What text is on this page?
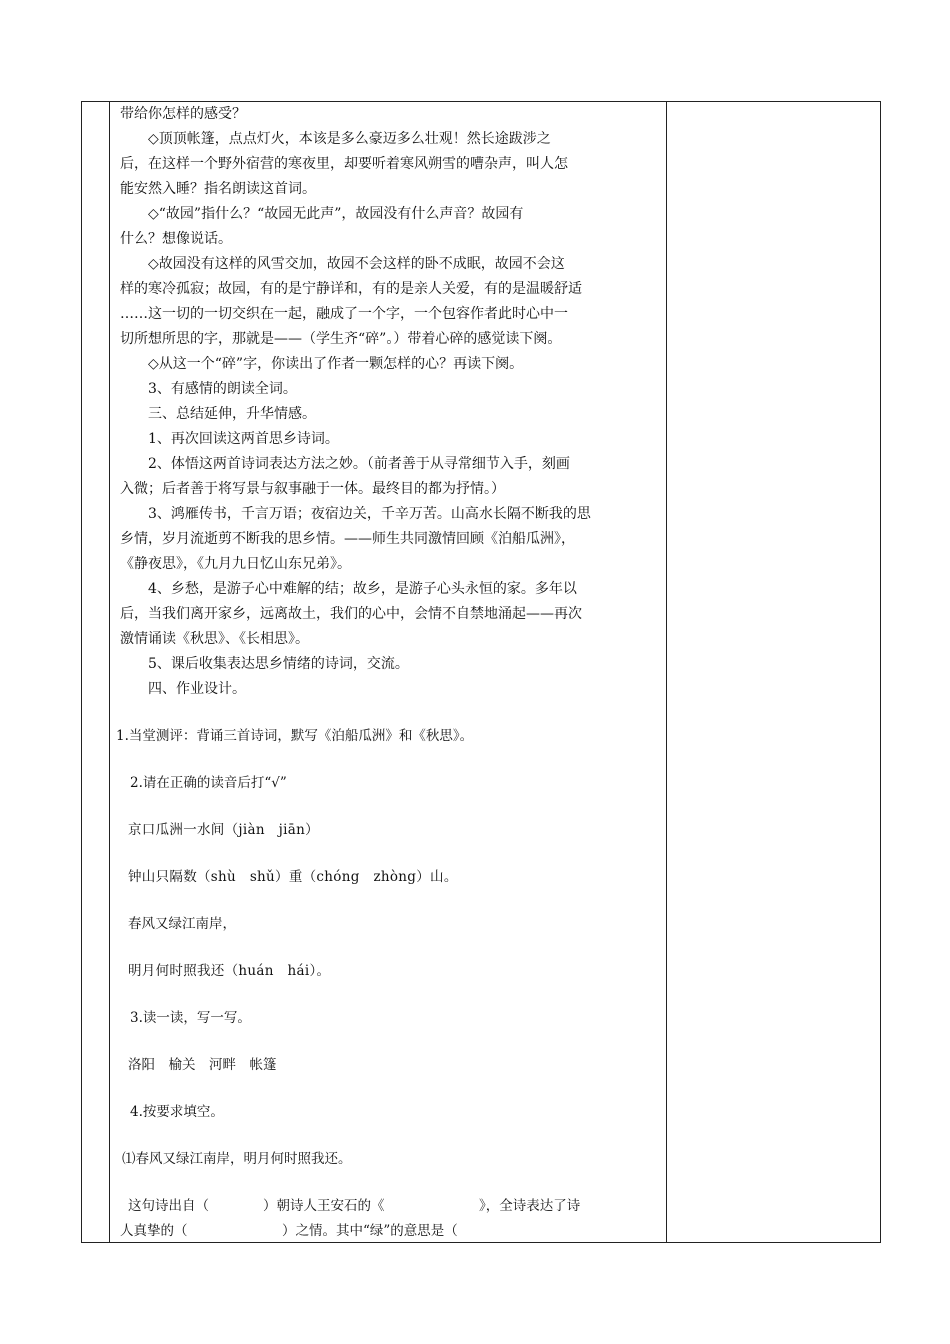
带给你怎样的感受？

◇顶顶帐篷，点点灯火，本该是多么豪迈多么壮观！然长途跋涉之

后，在这样一个野外宿营的寒夜里，却要听着寒风朔雪的嘈杂声，叫人怎

能安然入睡？指名朗读这首词。

◇“故园”指什么？“故园无此声”，故园没有什么声音？故园有

什么？想像说话。

◇故园没有这样的风雪交加，故园不会这样的卧不成眠，故园不会这

样的寒冷孤寂；故园，有的是宁静详和，有的是亲人关爱，有的是温暖舒适

……这一切的一切交织在一起，融成了一个字，一个包容作者此时心中一

切所想所思的字，那就是——（学生齐“碎”。）带着心碎的感觉读下阕。

◇从这一个“碎”字，你读出了作者一颗怎样的心？再读下阕。

3、有感情的朗读全词。

三、总结延伸，升华情感。

1、再次回读这两首思乡诗词。

2、体悟这两首诗词表达方法之妙。（前者善于从寻常细节入手，刻画

入微；后者善于将写景与叙事融于一体。最终目的都为抒情。）

3、鸿雁传书，千言万语；夜宿边关，千辛万苦。山高水长隔不断我的思

乡情，岁月流逝剪不断我的思乡情。——师生共同激情回顾《泊船瓜洲》，

《静夜思》，《九月九日忆山东兄弟》。

4、乡愁，是游子心中难解的结；故乡，是游子心头永恒的家。多年以

后，当我们离开家乡，远离故土，我们的心中，会情不自禁地涌起——再次

激情诵读《秋思》、《长相思》。

5、课后收集表达思乡情绪的诗词，交流。

四、作业设计。

1.当堂测评：背诵三首诗词，默写《泊船瓜洲》和《秋思》。

2.请在正确的读音后打“√”

京口瓜洲一水间（jiàn　jiān）

钟山只隔数（shù　shǔ）重（chóng　zhòng）山。

春风又绿江南岸，

明月何时照我还（huán　hái）。

3.读一读，写一写。

洛阳　榆关　河畔　帐篷

4.按要求填空。

⑴春风又绿江南岸，明月何时照我还。

这句诗出自（　　　　）朝诗人王安石的《　　　　　　　》，全诗表达了诗

人真挚的（　　　　　　　）之情。其中“绿”的意思是（
